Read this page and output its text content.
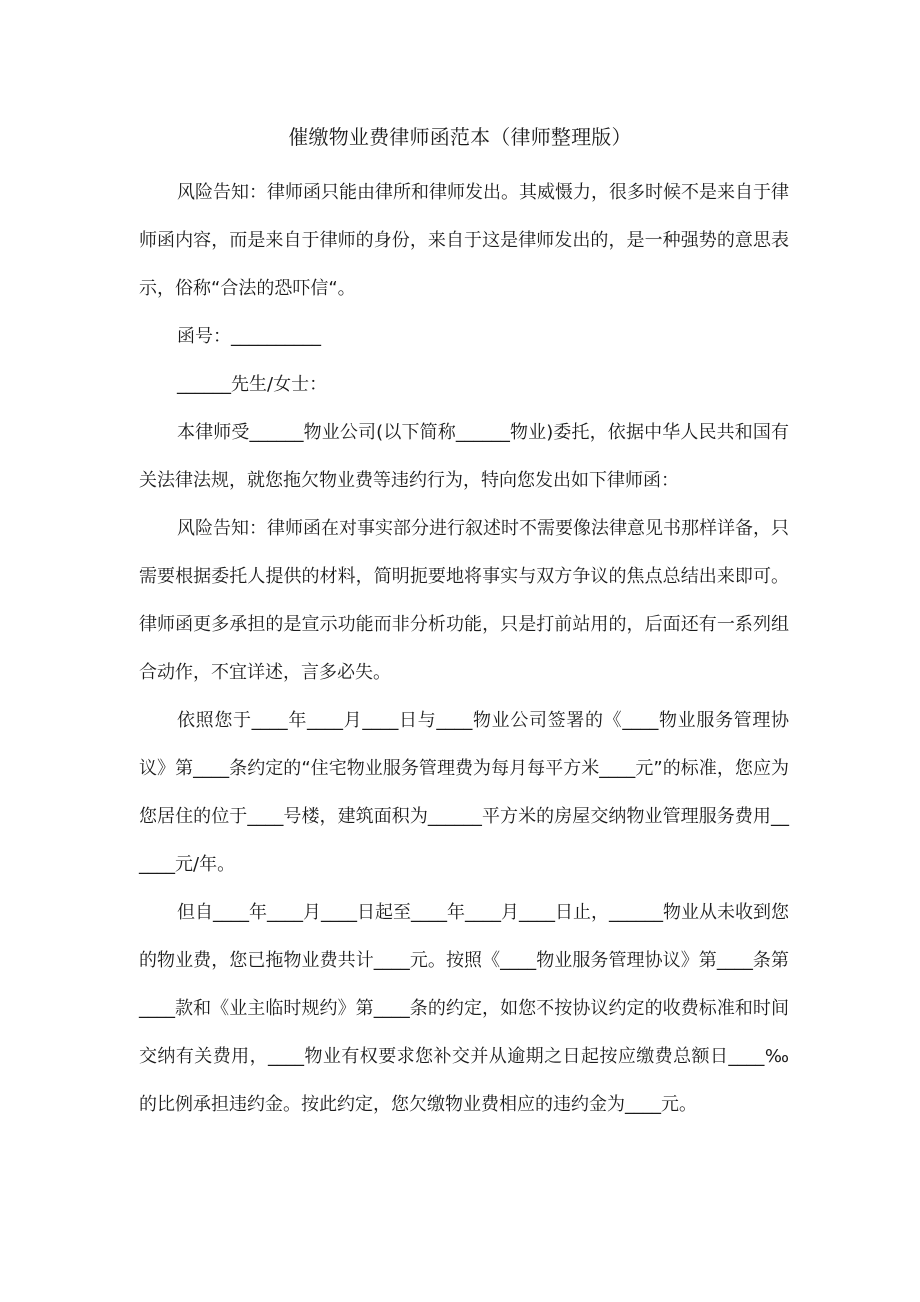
催缴物业费律师函范本（律师整理版）

风险告知：律师函只能由律所和律师发出。其威慑力，很多时候不是来自于律师函内容，而是来自于律师的身份，来自于这是律师发出的，是一种强势的意思表示，俗称“合法的恐吓信“。

函号：__________

______先生/女士：

本律师受______物业公司(以下简称______物业)委托，依据中华人民共和国有关法律法规，就您拖欠物业费等违约行为，特向您发出如下律师函：

风险告知：律师函在对事实部分进行叙述时不需要像法律意见书那样详备，只需要根据委托人提供的材料，简明扼要地将事实与双方争议的焦点总结出来即可。律师函更多承担的是宣示功能而非分析功能，只是打前站用的，后面还有一系列组合动作，不宜详述，言多必失。

依照您于____年____月____日与____物业公司签署的《____物业服务管理协议》第____条约定的“住宅物业服务管理费为每月每平方米____元”的标准，您应为您居住的位于____号楼，建筑面积为______平方米的房屋交纳物业管理服务费用______元/年。

但自____年____月____日起至____年____月____日止，______物业从未收到您的物业费，您已拖物业费共计____元。按照《____物业服务管理协议》第____条第____款和《业主临时规约》第____条的约定，如您不按协议约定的收费标准和时间交纳有关费用，____物业有权要求您补交并从逾期之日起按应缴费总额日____‰的比例承担违约金。按此约定，您欠缴物业费相应的违约金为____元。
